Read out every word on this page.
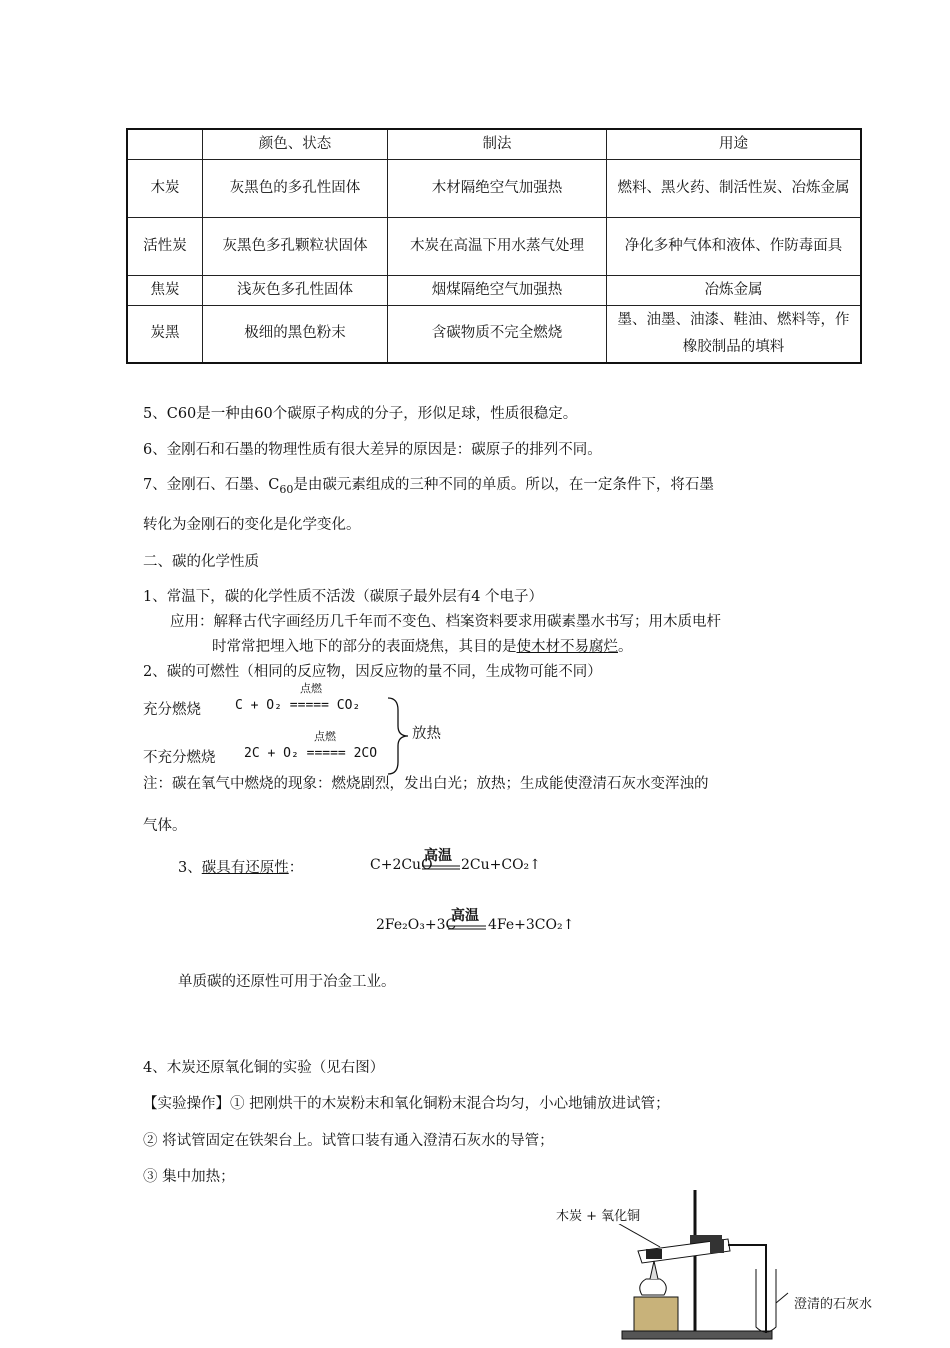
	颜色、状态	制法	用途
木炭	灰黑色的多孔性固体	木材隔绝空气加强热	燃料、黑火药、制活性炭、冶炼金属
活性炭	灰黑色多孔颗粒状固体	木炭在高温下用水蒸气处理	净化多种气体和液体、作防毒面具
焦炭	浅灰色多孔性固体	烟煤隔绝空气加强热	冶炼金属
炭黑	极细的黑色粉末	含碳物质不完全燃烧	墨、油墨、油漆、鞋油、燃料等，作橡胶制品的填料
5、C60是一种由60个碳原子构成的分子，形似足球，性质很稳定。
6、金刚石和石墨的物理性质有很大差异的原因是：碳原子的排列不同。
7、金刚石、石墨、$C_{60}$是由碳元素组成的三种不同的单质。所以，在一定条件下，将石墨
转化为金刚石的变化是化学变化。
二、碳的化学性质
1、常温下，碳的化学性质不活泼（碳原子最外层有4 个电子）
应用：解释古代字画经历几千年而不变色、档案资料要求用碳素墨水书写；用木质电杆
时常常把埋入地下的部分的表面烧焦，其目的是使木材不易腐烂。
2、碳的可燃性（相同的反应物，因反应物的量不同，生成物可能不同）
充分燃烧
点燃
C + O₂ ===== CO₂
点燃
不充分燃烧 2C + O₂ ===== 2CO
放热
注：碳在氧气中燃烧的现象：燃烧剧烈，发出白光；放热；生成能使澄清石灰水变浑浊的
气体。
3、碳具有还原性：	C+2CuO
高温
2Cu+CO₂↑
2Fe₂O₃+3C
高温
4Fe+3CO₂↑
单质碳的还原性可用于冶金工业。
4、木炭还原氧化铜的实验（见右图）
【实验操作】① 把刚烘干的木炭粉末和氧化铜粉末混合均匀，小心地铺放进试管；
② 将试管固定在铁架台上。试管口装有通入澄清石灰水的导管；
③ 集中加热；
木炭 + 氧化铜
澄清的石灰水
